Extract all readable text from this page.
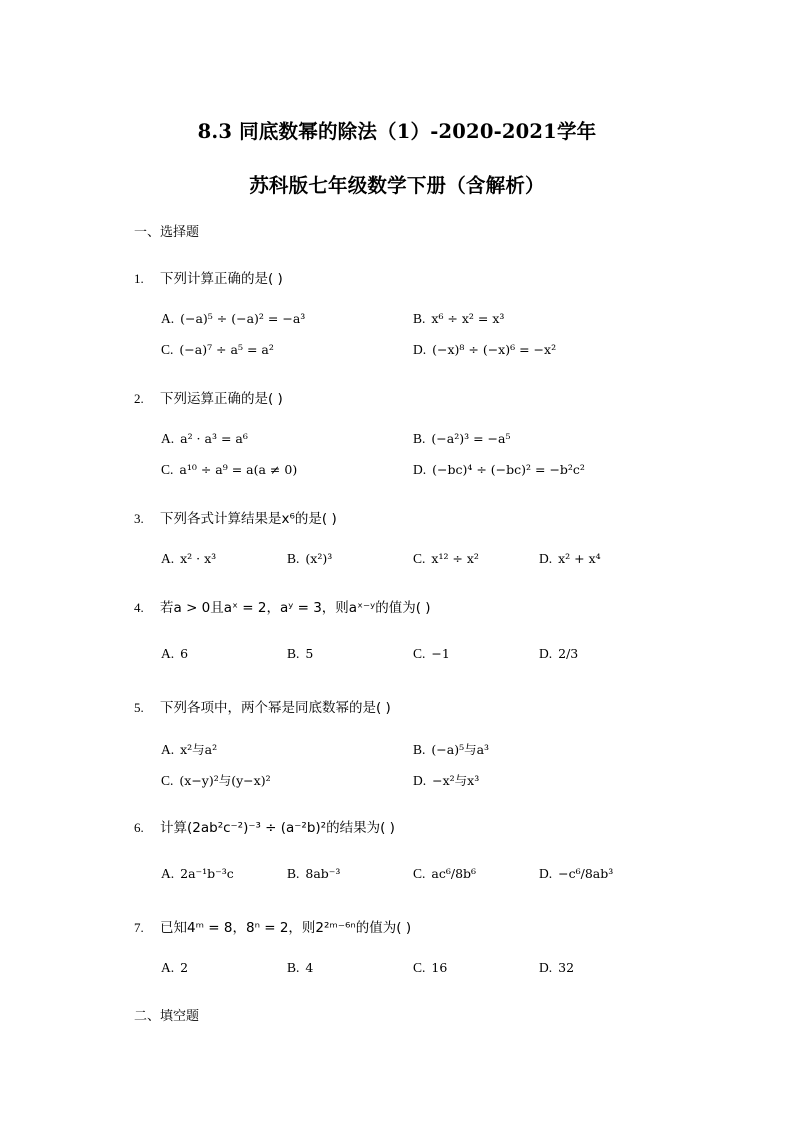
8.3 同底数幂的除法（1）-2020-2021学年
苏科版七年级数学下册（含解析）
一、选择题
1. 下列计算正确的是( )
A. (−a)⁵ ÷ (−a)² = −a³	B. x⁶ ÷ x² = x³
C. (−a)⁷ ÷ a⁵ = a²	D. (−x)⁸ ÷ (−x)⁶ = −x²
2. 下列运算正确的是( )
A. a² · a³ = a⁶	B. (−a²)³ = −a⁵
C. a¹⁰ ÷ a⁹ = a(a ≠ 0)	D. (−bc)⁴ ÷ (−bc)² = −b²c²
3. 下列各式计算结果是x⁶的是( )
A. x² · x³	B. (x²)³	C. x¹² ÷ x²	D. x² + x⁴
4. 若a > 0且aˣ = 2，aʸ = 3，则aˣ⁻ʸ的值为( )
A. 6	B. 5	C. −1	D. 2/3
5. 下列各项中，两个幂是同底数幂的是( )
A. x²与a²	B. (−a)⁵与a³
C. (x−y)²与(y−x)²	D. −x²与x³
6. 计算(2ab²c⁻²)⁻³ ÷ (a⁻²b)²的结果为( )
A. 2a⁻¹b⁻³c	B. 8ab⁻³	C. ac⁶/8b⁶	D. −c⁶/8ab³
7. 已知4ᵐ = 8，8ⁿ = 2，则2²ᵐ⁻⁶ⁿ的值为( )
A. 2	B. 4	C. 16	D. 32
二、填空题
